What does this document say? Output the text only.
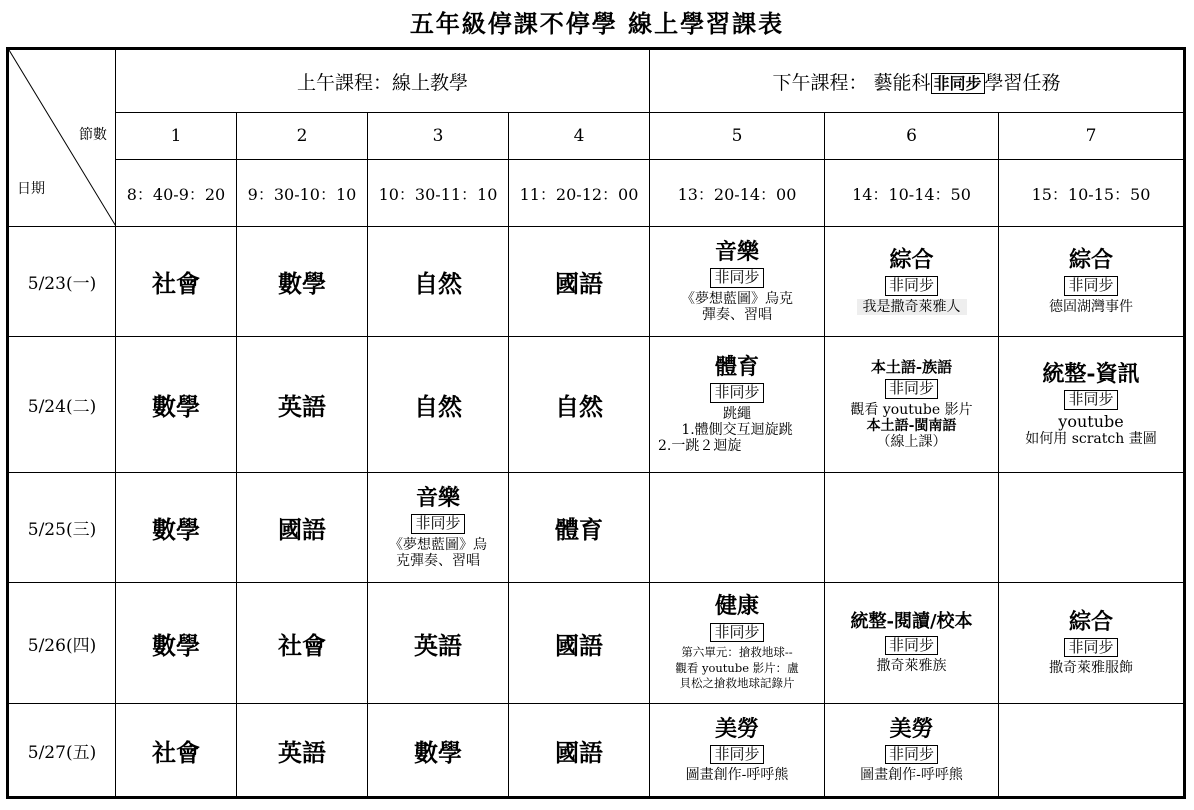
五年級停課不停學 線上學習課表
節數
日期	上午課程：線上教學				下午課程： 藝能科 非同步 學習任務		
	1	2	3	4	5	6	7
	8：40-9：20	9：30-10：10	10：30-11：10	11：20-12：00	13：20-14：00	14：10-14：50	15：10-15：50
5/23(一)	社會	數學	自然	國語	音樂
非同步
《夢想藍圖》烏克
彈奏、習唱	綜合
非同步
我是撒奇萊雅人	綜合
非同步
德固湖灣事件

5/24(二)	數學	英語	自然	自然	體育
非同步
跳繩
1.體側交互迴旋跳
2.一跳２迴旋	本土語-族語
非同步
觀看 youtube 影片
本土語-閩南語
（線上課）	統整-資訊
非同步
youtube
如何用 scratch 畫圖

5/25(三)	數學	國語	音樂
非同步
《夢想藍圖》烏
克彈奏、習唱	體育			
5/26(四)	數學	社會	英語	國語	健康
非同步
第六單元：搶救地球--
觀看 youtube 影片：盧
貝松之搶救地球記錄片	統整-閱讀/校本
非同步
撒奇萊雅族	綜合
非同步
撒奇萊雅服飾

5/27(五)	社會	英語	數學	國語	美勞
非同步
圖畫創作-呼呼熊	美勞
非同步
圖畫創作-呼呼熊	
